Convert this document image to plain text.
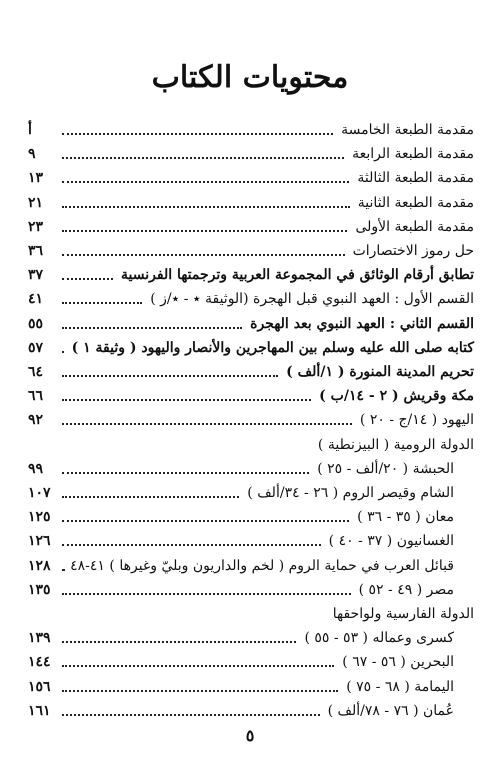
محتويات الكتاب
مقدمة الطبعة الخامسة
أ
مقدمة الطبعة الرابعة
٩
مقدمة الطبعة الثالثة
١٣
مقدمة الطبعة الثانية
٢١
مقدمة الطبعة الأولى
٢٣
حل رموز الاختصارات
٣٦
تطابق أرقام الوثائق في المجموعة العربية وترجمتها الفرنسية
٣٧
القسم الأول : العهد النبوي قبل الهجرة (الوثيقة ٭ - ٭/ز )
٤١
القسم الثاني : العهد النبوي بعد الهجرة
٥٥
كتابه صلى الله عليه وسلم بين المهاجرين والأنصار واليهود ( وثيقة ١ )
٥٧
تحريم المدينة المنورة ( ١/ألف )
٦٤
مكة وقريش ( ٢ - ١٤/ب )
٦٦
اليهود ( ١٤/ج - ٢٠ )
٩٢
الدولة الرومية ( البيزنطية )
الحبشة ( ٢٠/ألف - ٢٥ )
٩٩
الشام وقيصر الروم ( ٢٦ - ٣٤/ألف )
١٠٧
معان ( ٣٥ - ٣٦ )
١٢٥
الغسانيون ( ٣٧ - ٤٠ )
١٢٦
قبائل العرب في حماية الروم ( لخم والداريون وبليّ وغيرها ) ٤١-٤٨
١٢٨
مصر ( ٤٩ - ٥٢ )
١٣٥
الدولة الفارسية ولواحقها
كسرى وعماله ( ٥٣ - ٥٥ )
١٣٩
البحرين ( ٥٦ - ٦٧ )
١٤٤
اليمامة ( ٦٨ - ٧٥ )
١٥٦
عُمان ( ٧٦ - ٧٨/ألف )
١٦١
٥
